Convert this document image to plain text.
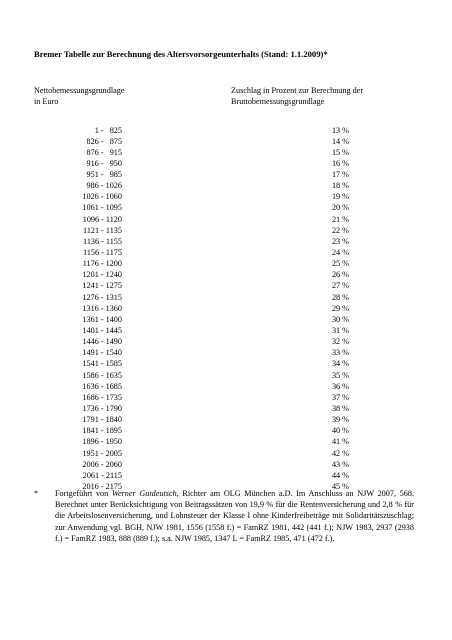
Bremer Tabelle zur Berechnung des Altersvorsorgeunterhalts (Stand: 1.1.2009)*
Nettobemessungsgrundlage
in Euro
Zuschlag in Prozent zur Berechnung der
Bruttobemessungsgrundlage
1 -   825	13 %
826 -   875	14 %
876 -   915	15 %
916 -   950	16 %
951 -   985	17 %
986 - 1026	18 %
1026 - 1060	19 %
1061 - 1095	20 %
1096 - 1120	21 %
1121 - 1135	22 %
1136 - 1155	23 %
1156 - 1175	24 %
1176 - 1200	25 %
1201 - 1240	26 %
1241 - 1275	27 %
1276 - 1315	28 %
1316 - 1360	29 %
1361 - 1400	30 %
1401 - 1445	31 %
1446 - 1490	32 %
1491 - 1540	33 %
1541 - 1585	34 %
1586 - 1635	35 %
1636 - 1685	36 %
1686 - 1735	37 %
1736 - 1790	38 %
1791 - 1840	39 %
1841 - 1895	40 %
1896 - 1950	41 %
1951 - 2005	42 %
2006 - 2060	43 %
2061 - 2115	44 %
2016 - 2175	45 %
* Fortgeführt von Werner Gutdeutsch, Richter am OLG München a.D. Im Anschluss an NJW 2007, 568. Berechnet unter Berücksichtigung von Beitragssätzen von 19,9 % für die Rentenversicherung und 2,8 % für die Arbeitslosenversicherung, und Lohnsteuer der Klasse I ohne Kinderfreibeträge mit Solidaritätszuschlag; zur Anwendung vgl. BGH, NJW 1981, 1556 (1558 f.) = FamRZ 1981, 442 (441 f.); NJW 1983, 2937 (2938 f.) = FamRZ 1983, 888 (889 f.); s.a. NJW 1985, 1347 L = FamRZ 1985, 471 (472 f.).
